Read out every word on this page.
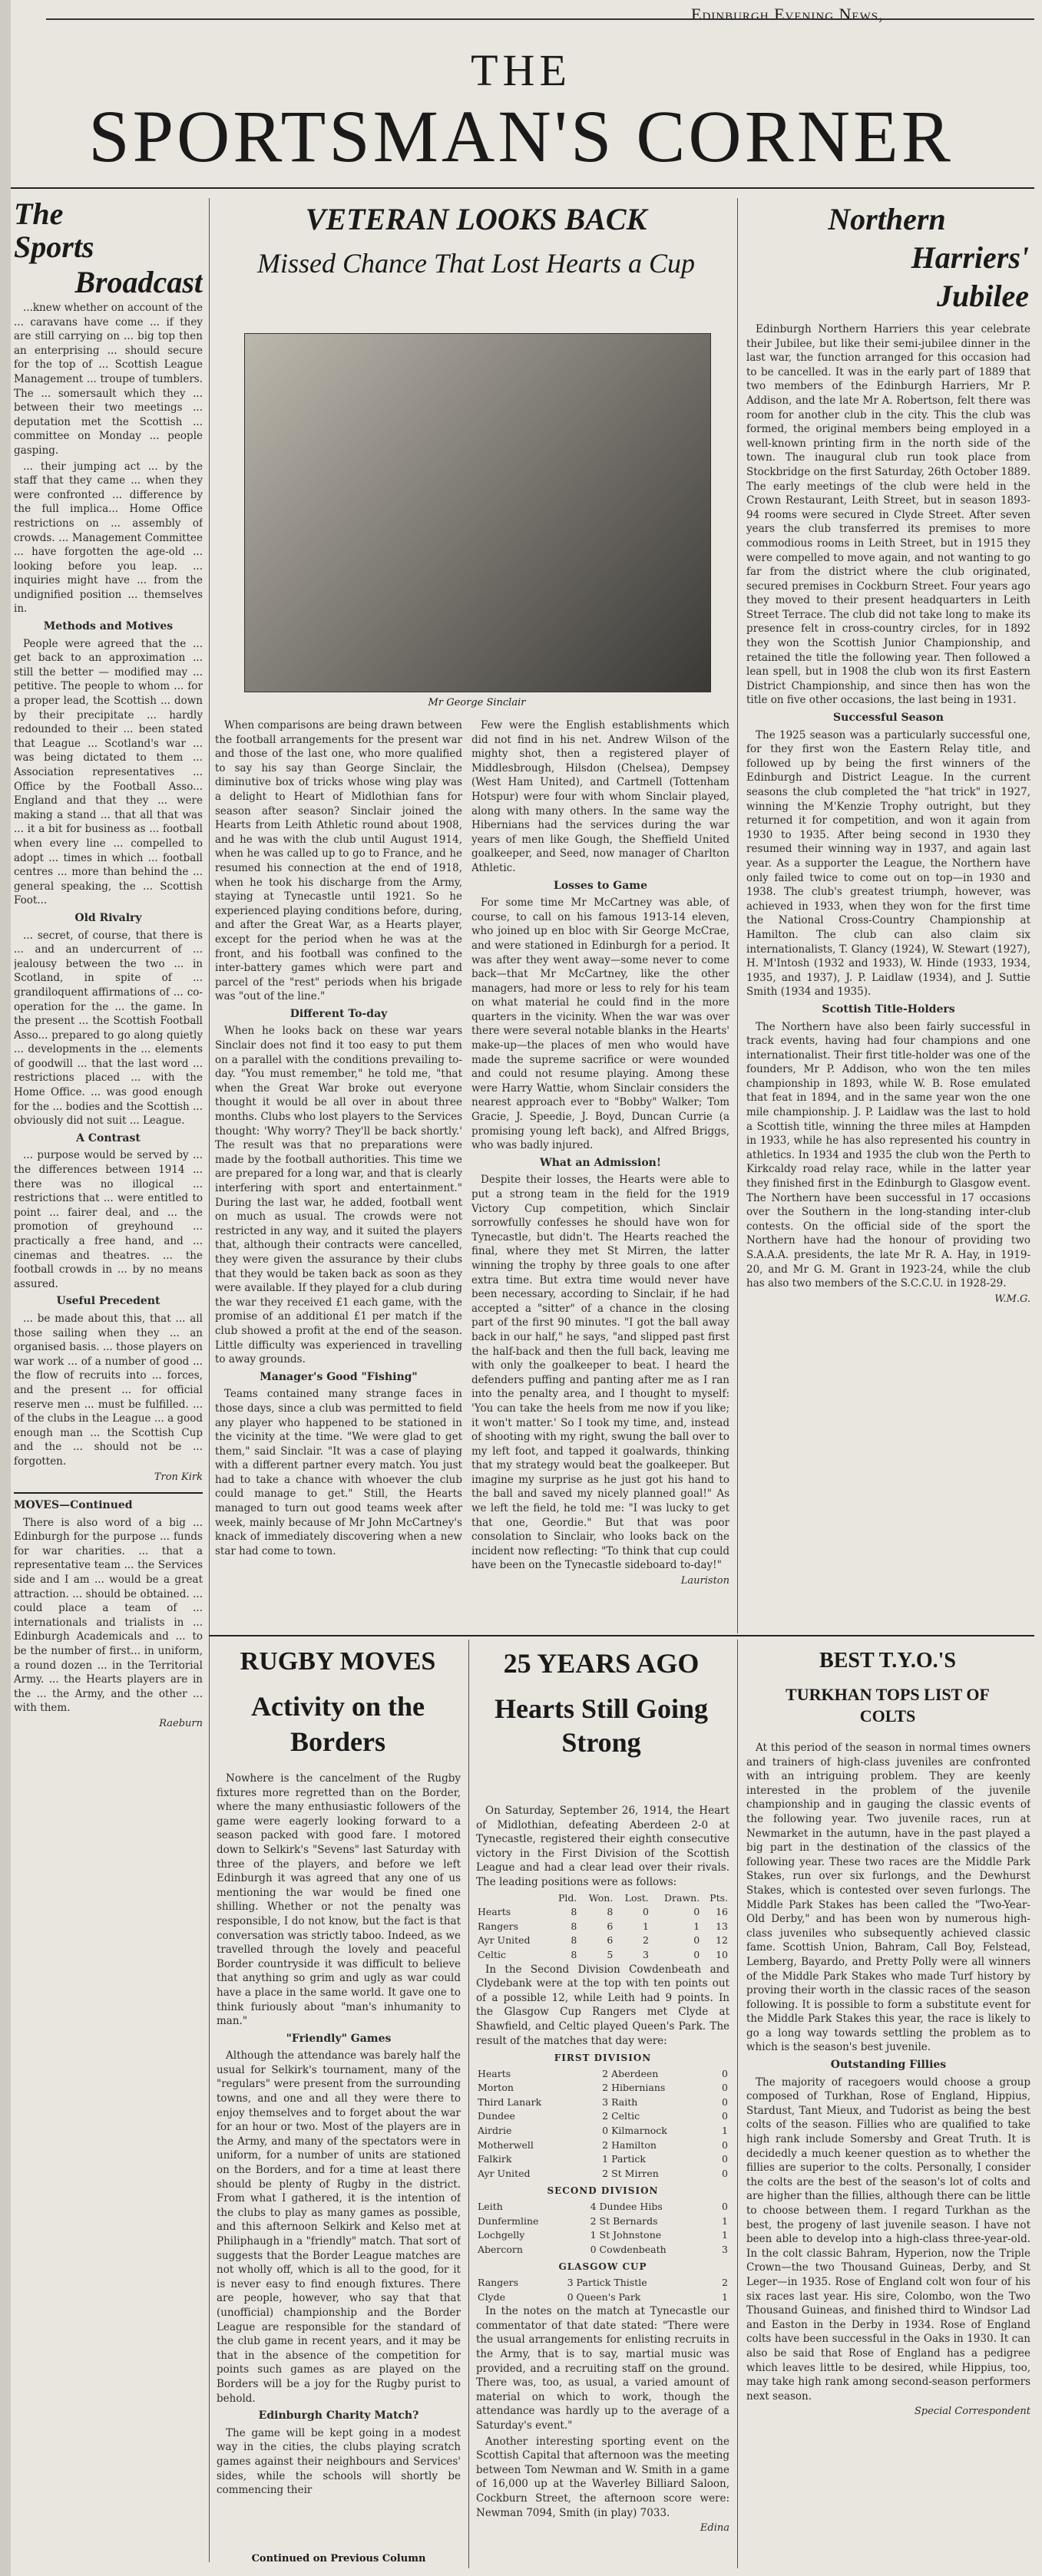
Edinburgh Evening News,
THE
SPORTSMAN'S CORNER
The
Sports
Broadcast

...knew whether on account of the ... caravans have come ... if they are still carrying on ... big top then an enterprising ... should secure for the top of ... Scottish League Management ... troupe of tumblers. The ... somersault which they ... between their two meetings ... deputation met the Scottish ... committee on Monday ... people gasping.

... their jumping act ... by the staff that they came ... when they were confronted ... difference by the full implica... Home Office restrictions on ... assembly of crowds. ... Management Committee ... have forgotten the age-old ... looking before you leap. ... inquiries might have ... from the undignified position ... themselves in.

Methods and Motives

People were agreed that the ... get back to an approximation ... still the better — modified may ... petitive. The people to whom ... for a proper lead, the Scottish ... down by their precipitate ... hardly redounded to their ... been stated that League ... Scotland's war ... was being dictated to them ... Association representatives ... Office by the Football Asso... England and that they ... were making a stand ... that all that was ... it a bit for business as ... football when every line ... compelled to adopt ... times in which ... football centres ... more than behind the ... general speaking, the ... Scottish Foot...

Old Rivalry

... secret, of course, that there is ... and an undercurrent of ... jealousy between the two ... in Scotland, in spite of ... grandiloquent affirmations of ... co-operation for the ... the game. In the present ... the Scottish Football Asso... prepared to go along quietly ... developments in the ... elements of goodwill ... that the last word ... restrictions placed ... with the Home Office. ... was good enough for the ... bodies and the Scottish ... obviously did not suit ... League.

A Contrast

... purpose would be served by ... the differences between 1914 ... there was no illogical ... restrictions that ... were entitled to point ... fairer deal, and ... the promotion of greyhound ... practically a free hand, and ... cinemas and theatres. ... the football crowds in ... by no means assured.

Useful Precedent

... be made about this, that ... all those sailing when they ... an organised basis. ... those players on war work ... of a number of good ... the flow of recruits into ... forces, and the present ... for official reserve men ... must be fulfilled. ... of the clubs in the League ... a good enough man ... the Scottish Cup and the ... should not be ... forgotten.

Tron Kirk
MOVES—Continued

There is also word of a big ... Edinburgh for the purpose ... funds for war charities. ... that a representative team ... the Services side and I am ... would be a great attraction. ... should be obtained. ... could place a team of ... internationals and trialists in ... Edinburgh Academicals and ... to be the number of first... in uniform, a round dozen ... in the Territorial Army. ... the Hearts players are in the ... the Army, and the other ... with them.

Raeburn
VETERAN LOOKS BACK
Missed Chance That Lost Hearts a Cup
Mr George Sinclair

When comparisons are being drawn between the football arrangements for the present war and those of the last one, who more qualified to say his say than George Sinclair, the diminutive box of tricks whose wing play was a delight to Heart of Midlothian fans for season after season? Sinclair joined the Hearts from Leith Athletic round about 1908, and he was with the club until August 1914, when he was called up to go to France, and he resumed his connection at the end of 1918, when he took his discharge from the Army, staying at Tynecastle until 1921. So he experienced playing conditions before, during, and after the Great War, as a Hearts player, except for the period when he was at the front, and his football was confined to the inter-battery games which were part and parcel of the "rest" periods when his brigade was "out of the line."

Different To-day

When he looks back on these war years Sinclair does not find it too easy to put them on a parallel with the conditions prevailing to-day. "You must remember," he told me, "that when the Great War broke out everyone thought it would be all over in about three months. Clubs who lost players to the Services thought: 'Why worry? They'll be back shortly.' The result was that no preparations were made by the football authorities. This time we are prepared for a long war, and that is clearly interfering with sport and entertainment." During the last war, he added, football went on much as usual. The crowds were not restricted in any way, and it suited the players that, although their contracts were cancelled, they were given the assurance by their clubs that they would be taken back as soon as they were available. If they played for a club during the war they received £1 each game, with the promise of an additional £1 per match if the club showed a profit at the end of the season. Little difficulty was experienced in travelling to away grounds.

Manager's Good "Fishing"

Teams contained many strange faces in those days, since a club was permitted to field any player who happened to be stationed in the vicinity at the time. "We were glad to get them," said Sinclair. "It was a case of playing with a different partner every match. You just had to take a chance with whoever the club could manage to get." Still, the Hearts managed to turn out good teams week after week, mainly because of Mr John McCartney's knack of immediately discovering when a new star had come to town.

Few were the English establishments which did not find in his net. Andrew Wilson of the mighty shot, then a registered player of Middlesbrough, Hilsdon (Chelsea), Dempsey (West Ham United), and Cartmell (Tottenham Hotspur) were four with whom Sinclair played, along with many others. In the same way the Hibernians had the services during the war years of men like Gough, the Sheffield United goalkeeper, and Seed, now manager of Charlton Athletic.

Losses to Game

For some time Mr McCartney was able, of course, to call on his famous 1913-14 eleven, who joined up en bloc with Sir George McCrae, and were stationed in Edinburgh for a period. It was after they went away—some never to come back—that Mr McCartney, like the other managers, had more or less to rely for his team on what material he could find in the more quarters in the vicinity. When the war was over there were several notable blanks in the Hearts' make-up—the places of men who would have made the supreme sacrifice or were wounded and could not resume playing. Among these were Harry Wattie, whom Sinclair considers the nearest approach ever to "Bobby" Walker; Tom Gracie, J. Speedie, J. Boyd, Duncan Currie (a promising young left back), and Alfred Briggs, who was badly injured.

What an Admission!

Despite their losses, the Hearts were able to put a strong team in the field for the 1919 Victory Cup competition, which Sinclair sorrowfully confesses he should have won for Tynecastle, but didn't. The Hearts reached the final, where they met St Mirren, the latter winning the trophy by three goals to one after extra time. But extra time would never have been necessary, according to Sinclair, if he had accepted a "sitter" of a chance in the closing part of the first 90 minutes. "I got the ball away back in our half," he says, "and slipped past first the half-back and then the full back, leaving me with only the goalkeeper to beat. I heard the defenders puffing and panting after me as I ran into the penalty area, and I thought to myself: 'You can take the heels from me now if you like; it won't matter.' So I took my time, and, instead of shooting with my right, swung the ball over to my left foot, and tapped it goalwards, thinking that my strategy would beat the goalkeeper. But imagine my surprise as he just got his hand to the ball and saved my nicely planned goal!" As we left the field, he told me: "I was lucky to get that one, Geordie." But that was poor consolation to Sinclair, who looks back on the incident now reflecting: "To think that cup could have been on the Tynecastle sideboard to-day!"

Lauriston
Northern
Harriers'
Jubilee

Edinburgh Northern Harriers this year celebrate their Jubilee, but like their semi-jubilee dinner in the last war, the function arranged for this occasion had to be cancelled. It was in the early part of 1889 that two members of the Edinburgh Harriers, Mr P. Addison, and the late Mr A. Robertson, felt there was room for another club in the city. This the club was formed, the original members being employed in a well-known printing firm in the north side of the town. The inaugural club run took place from Stockbridge on the first Saturday, 26th October 1889. The early meetings of the club were held in the Crown Restaurant, Leith Street, but in season 1893-94 rooms were secured in Clyde Street. After seven years the club transferred its premises to more commodious rooms in Leith Street, but in 1915 they were compelled to move again, and not wanting to go far from the district where the club originated, secured premises in Cockburn Street. Four years ago they moved to their present headquarters in Leith Street Terrace. The club did not take long to make its presence felt in cross-country circles, for in 1892 they won the Scottish Junior Championship, and retained the title the following year. Then followed a lean spell, but in 1908 the club won its first Eastern District Championship, and since then has won the title on five other occasions, the last being in 1931.

Successful Season

The 1925 season was a particularly successful one, for they first won the Eastern Relay title, and followed up by being the first winners of the Edinburgh and District League. In the current seasons the club completed the "hat trick" in 1927, winning the M'Kenzie Trophy outright, but they returned it for competition, and won it again from 1930 to 1935. After being second in 1930 they resumed their winning way in 1937, and again last year. As a supporter the League, the Northern have only failed twice to come out on top—in 1930 and 1938. The club's greatest triumph, however, was achieved in 1933, when they won for the first time the National Cross-Country Championship at Hamilton. The club can also claim six internationalists, T. Glancy (1924), W. Stewart (1927), H. M'Intosh (1932 and 1933), W. Hinde (1933, 1934, 1935, and 1937), J. P. Laidlaw (1934), and J. Suttie Smith (1934 and 1935).

Scottish Title-Holders

The Northern have also been fairly successful in track events, having had four champions and one internationalist. Their first title-holder was one of the founders, Mr P. Addison, who won the ten miles championship in 1893, while W. B. Rose emulated that feat in 1894, and in the same year won the one mile championship. J. P. Laidlaw was the last to hold a Scottish title, winning the three miles at Hampden in 1933, while he has also represented his country in athletics. In 1934 and 1935 the club won the Perth to Kirkcaldy road relay race, while in the latter year they finished first in the Edinburgh to Glasgow event. The Northern have been successful in 17 occasions over the Southern in the long-standing inter-club contests. On the official side of the sport the Northern have had the honour of providing two S.A.A.A. presidents, the late Mr R. A. Hay, in 1919-20, and Mr G. M. Grant in 1923-24, while the club has also two members of the S.C.C.U. in 1928-29.

W.M.G.
RUGBY MOVES
Activity on the Borders

Nowhere is the cancelment of the Rugby fixtures more regretted than on the Border, where the many enthusiastic followers of the game were eagerly looking forward to a season packed with good fare. I motored down to Selkirk's "Sevens" last Saturday with three of the players, and before we left Edinburgh it was agreed that any one of us mentioning the war would be fined one shilling. Whether or not the penalty was responsible, I do not know, but the fact is that conversation was strictly taboo. Indeed, as we travelled through the lovely and peaceful Border countryside it was difficult to believe that anything so grim and ugly as war could have a place in the same world. It gave one to think furiously about "man's inhumanity to man."

"Friendly" Games

Although the attendance was barely half the usual for Selkirk's tournament, many of the "regulars" were present from the surrounding towns, and one and all they were there to enjoy themselves and to forget about the war for an hour or two. Most of the players are in the Army, and many of the spectators were in uniform, for a number of units are stationed on the Borders, and for a time at least there should be plenty of Rugby in the district. From what I gathered, it is the intention of the clubs to play as many games as possible, and this afternoon Selkirk and Kelso met at Philiphaugh in a "friendly" match. That sort of suggests that the Border League matches are not wholly off, which is all to the good, for it is never easy to find enough fixtures. There are people, however, who say that that (unofficial) championship and the Border League are responsible for the standard of the club game in recent years, and it may be that in the absence of the competition for points such games as are played on the Borders will be a joy for the Rugby purist to behold.

Edinburgh Charity Match?

The game will be kept going in a modest way in the cities, the clubs playing scratch games against their neighbours and Services' sides, while the schools will shortly be commencing their

Continued on Previous Column
25 YEARS AGO
Hearts Still Going Strong

On Saturday, September 26, 1914, the Heart of Midlothian, defeating Aberdeen 2-0 at Tynecastle, registered their eighth consecutive victory in the First Division of the Scottish League and had a clear lead over their rivals. The leading positions were as follows:

	Pld.	Won.	Lost.	Drawn.	Pts.
Hearts	8	8	0	0	16
Rangers	8	6	1	1	13
Ayr United	8	6	2	0	12
Celtic	8	5	3	0	10

In the Second Division Cowdenbeath and Clydebank were at the top with ten points out of a possible 12, while Leith had 9 points. In the Glasgow Cup Rangers met Clyde at Shawfield, and Celtic played Queen's Park. The result of the matches that day were:

FIRST DIVISION
Hearts	2	Aberdeen	0
Morton	2	Hibernians	0
Third Lanark	3	Raith	0
Dundee	2	Celtic	0
Airdrie	0	Kilmarnock	1
Motherwell	2	Hamilton	0
Falkirk	1	Partick	0
Ayr United	2	St Mirren	0
SECOND DIVISION
Leith	4	Dundee Hibs	0
Dunfermline	2	St Bernards	1
Lochgelly	1	St Johnstone	1
Abercorn	0	Cowdenbeath	3
GLASGOW CUP
Rangers	3	Partick Thistle	2
Clyde	0	Queen's Park	1

In the notes on the match at Tynecastle our commentator of that date stated: "There were the usual arrangements for enlisting recruits in the Army, that is to say, martial music was provided, and a recruiting staff on the ground. There was, too, as usual, a varied amount of material on which to work, though the attendance was hardly up to the average of a Saturday's event."

Another interesting sporting event on the Scottish Capital that afternoon was the meeting between Tom Newman and W. Smith in a game of 16,000 up at the Waverley Billiard Saloon, Cockburn Street, the afternoon score were: Newman 7094, Smith (in play) 7033.

Edina
BEST T.Y.O.'S
TURKHAN TOPS LIST OF COLTS

At this period of the season in normal times owners and trainers of high-class juveniles are confronted with an intriguing problem. They are keenly interested in the problem of the juvenile championship and in gauging the classic events of the following year. Two juvenile races, run at Newmarket in the autumn, have in the past played a big part in the destination of the classics of the following year. These two races are the Middle Park Stakes, run over six furlongs, and the Dewhurst Stakes, which is contested over seven furlongs. The Middle Park Stakes has been called the "Two-Year-Old Derby," and has been won by numerous high-class juveniles who subsequently achieved classic fame. Scottish Union, Bahram, Call Boy, Felstead, Lemberg, Bayardo, and Pretty Polly were all winners of the Middle Park Stakes who made Turf history by proving their worth in the classic races of the season following. It is possible to form a substitute event for the Middle Park Stakes this year, the race is likely to go a long way towards settling the problem as to which is the season's best juvenile.

Outstanding Fillies

The majority of racegoers would choose a group composed of Turkhan, Rose of England, Hippius, Stardust, Tant Mieux, and Tudorist as being the best colts of the season. Fillies who are qualified to take high rank include Somersby and Great Truth. It is decidedly a much keener question as to whether the fillies are superior to the colts. Personally, I consider the colts are the best of the season's lot of colts and are higher than the fillies, although there can be little to choose between them. I regard Turkhan as the best, the progeny of last juvenile season. I have not been able to develop into a high-class three-year-old. In the colt classic Bahram, Hyperion, now the Triple Crown—the two Thousand Guineas, Derby, and St Leger—in 1935. Rose of England colt won four of his six races last year. His sire, Colombo, won the Two Thousand Guineas, and finished third to Windsor Lad and Easton in the Derby in 1934. Rose of England colts have been successful in the Oaks in 1930. It can also be said that Rose of England has a pedigree which leaves little to be desired, while Hippius, too, may take high rank among second-season performers next season.

Special Correspondent
